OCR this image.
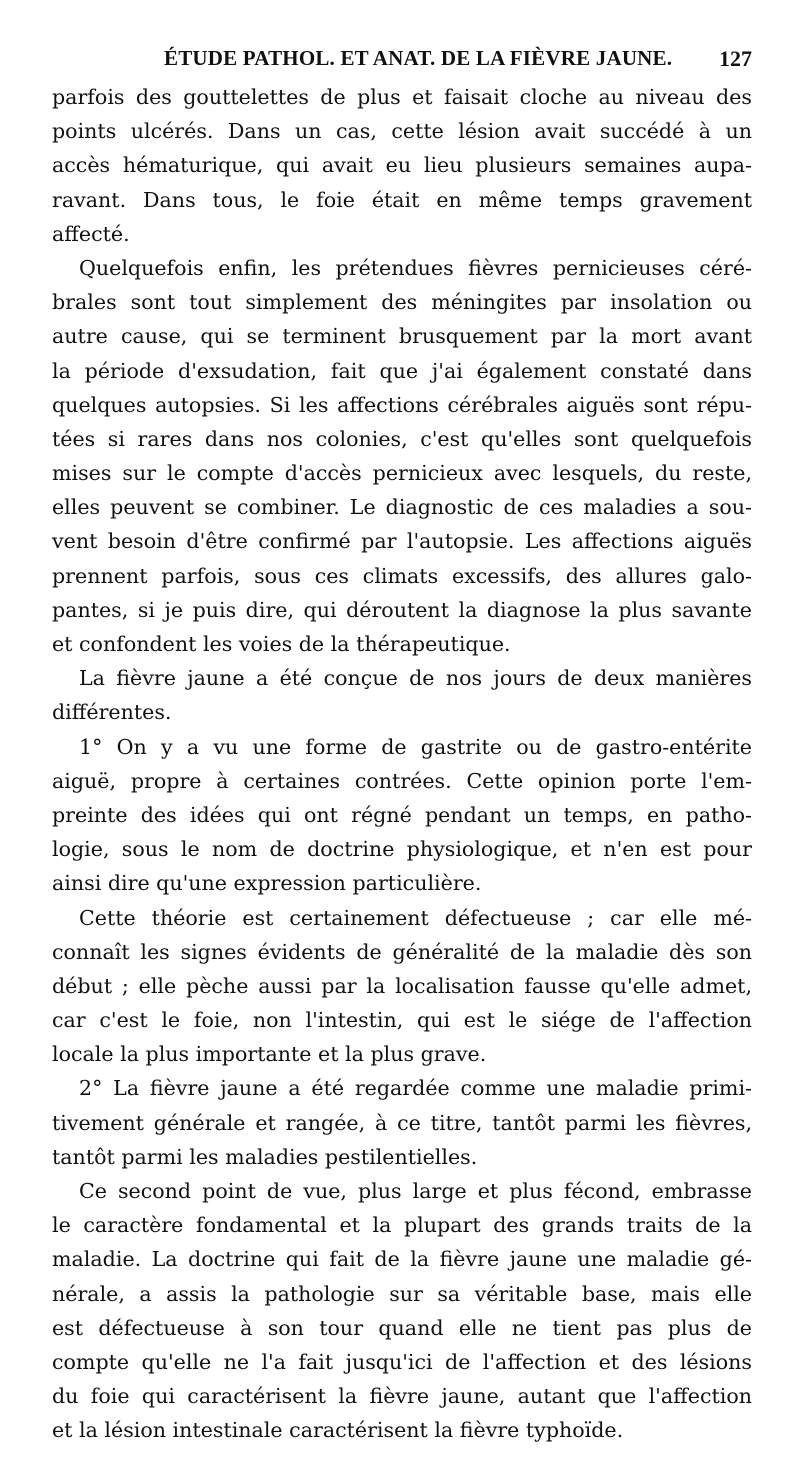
ÉTUDE PATHOL. ET ANAT. DE LA FIÈVRE JAUNE. 127
parfois des gouttelettes de plus et faisait cloche au niveau des
points ulcérés. Dans un cas, cette lésion avait succédé à un
accès hématurique, qui avait eu lieu plusieurs semaines aupa-
ravant. Dans tous, le foie était en même temps gravement
affecté.
Quelquefois enfin, les prétendues fièvres pernicieuses céré-
brales sont tout simplement des méningites par insolation ou
autre cause, qui se terminent brusquement par la mort avant
la période d'exsudation, fait que j'ai également constaté dans
quelques autopsies. Si les affections cérébrales aiguës sont répu-
tées si rares dans nos colonies, c'est qu'elles sont quelquefois
mises sur le compte d'accès pernicieux avec lesquels, du reste,
elles peuvent se combiner. Le diagnostic de ces maladies a sou-
vent besoin d'être confirmé par l'autopsie. Les affections aiguës
prennent parfois, sous ces climats excessifs, des allures galo-
pantes, si je puis dire, qui déroutent la diagnose la plus savante
et confondent les voies de la thérapeutique.
La fièvre jaune a été conçue de nos jours de deux manières
différentes.
1° On y a vu une forme de gastrite ou de gastro-entérite
aiguë, propre à certaines contrées. Cette opinion porte l'em-
preinte des idées qui ont régné pendant un temps, en patho-
logie, sous le nom de doctrine physiologique, et n'en est pour
ainsi dire qu'une expression particulière.
Cette théorie est certainement défectueuse ; car elle mé-
connaît les signes évidents de généralité de la maladie dès son
début ; elle pèche aussi par la localisation fausse qu'elle admet,
car c'est le foie, non l'intestin, qui est le siége de l'affection
locale la plus importante et la plus grave.
2° La fièvre jaune a été regardée comme une maladie primi-
tivement générale et rangée, à ce titre, tantôt parmi les fièvres,
tantôt parmi les maladies pestilentielles.
Ce second point de vue, plus large et plus fécond, embrasse
le caractère fondamental et la plupart des grands traits de la
maladie. La doctrine qui fait de la fièvre jaune une maladie gé-
nérale, a assis la pathologie sur sa véritable base, mais elle
est défectueuse à son tour quand elle ne tient pas plus de
compte qu'elle ne l'a fait jusqu'ici de l'affection et des lésions
du foie qui caractérisent la fièvre jaune, autant que l'affection
et la lésion intestinale caractérisent la fièvre typhoïde.
